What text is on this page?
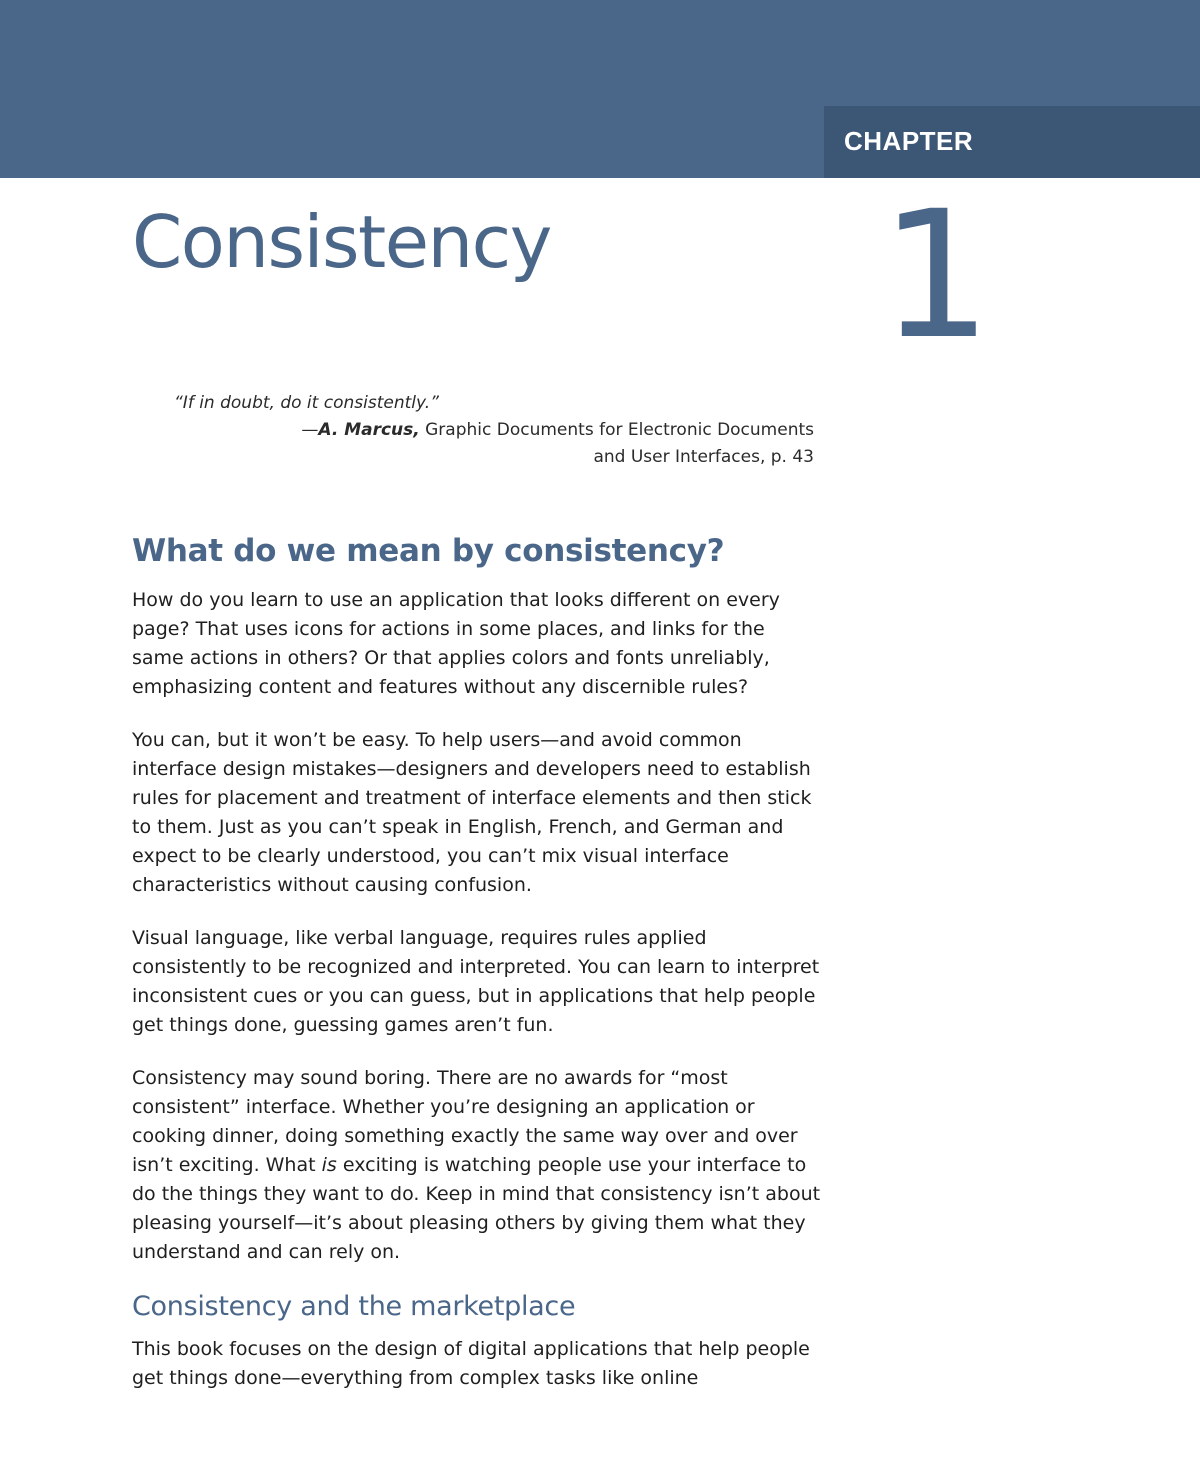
CHAPTER
1
Consistency
“If in doubt, do it consistently.”
—A. Marcus, Graphic Documents for Electronic Documents
and User Interfaces, p. 43
What do we mean by consistency?

How do you learn to use an application that looks different on every page? That uses icons for actions in some places, and links for the same actions in others? Or that applies colors and fonts unreliably, emphasizing content and features without any discernible rules?

You can, but it won’t be easy. To help users—and avoid common interface design mistakes—designers and developers need to establish rules for placement and treatment of interface elements and then stick to them. Just as you can’t speak in English, French, and German and expect to be clearly understood, you can’t mix visual interface characteristics without causing confusion.

Visual language, like verbal language, requires rules applied consistently to be recognized and interpreted. You can learn to interpret inconsistent cues or you can guess, but in applications that help people get things done, guessing games aren’t fun.

Consistency may sound boring. There are no awards for “most consistent” interface. Whether you’re designing an application or cooking dinner, doing something exactly the same way over and over isn’t exciting. What is exciting is watching people use your interface to do the things they want to do. Keep in mind that consistency isn’t about pleasing yourself—it’s about pleasing others by giving them what they understand and can rely on.

Consistency and the marketplace

This book focuses on the design of digital applications that help people get things done—everything from complex tasks like online
